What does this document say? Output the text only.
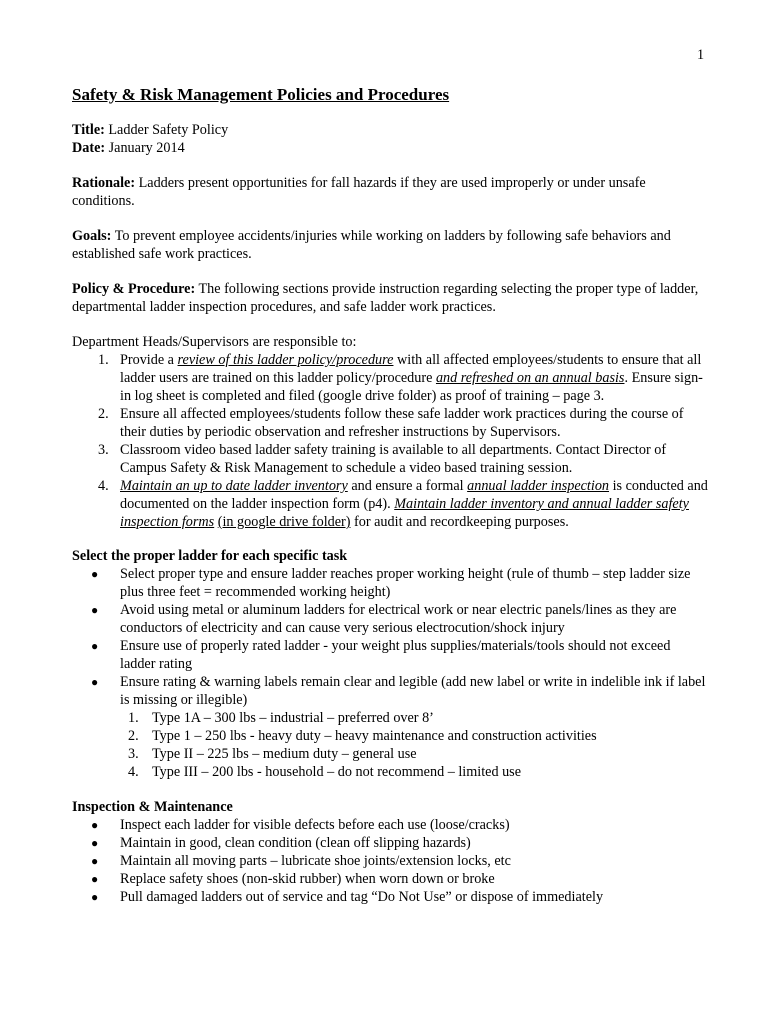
1
Safety & Risk Management Policies and Procedures

Title: Ladder Safety Policy

Date: January 2014

Rationale: Ladders present opportunities for fall hazards if they are used improperly or under unsafe conditions.

Goals: To prevent employee accidents/injuries while working on ladders by following safe behaviors and established safe work practices.

Policy & Procedure: The following sections provide instruction regarding selecting the proper type of ladder, departmental ladder inspection procedures, and safe ladder work practices.

Department Heads/Supervisors are responsible to:

1. Provide a review of this ladder policy/procedure with all affected employees/students to ensure that all ladder users are trained on this ladder policy/procedure and refreshed on an annual basis. Ensure sign-in log sheet is completed and filed (google drive folder) as proof of training – page 3.
2. Ensure all affected employees/students follow these safe ladder work practices during the course of their duties by periodic observation and refresher instructions by Supervisors.
3. Classroom video based ladder safety training is available to all departments. Contact Director of Campus Safety & Risk Management to schedule a video based training session.
4. Maintain an up to date ladder inventory and ensure a formal annual ladder inspection is conducted and documented on the ladder inspection form (p4). Maintain ladder inventory and annual ladder safety inspection forms (in google drive folder) for audit and recordkeeping purposes.

Select the proper ladder for each specific task

● Select proper type and ensure ladder reaches proper working height (rule of thumb – step ladder size plus three feet = recommended working height)
● Avoid using metal or aluminum ladders for electrical work or near electric panels/lines as they are conductors of electricity and can cause very serious electrocution/shock injury
● Ensure use of properly rated ladder - your weight plus supplies/materials/tools should not exceed ladder rating
● Ensure rating & warning labels remain clear and legible (add new label or write in indelible ink if label is missing or illegible)
1. Type 1A – 300 lbs – industrial – preferred over 8’
2. Type 1 – 250 lbs - heavy duty – heavy maintenance and construction activities
3. Type II – 225 lbs – medium duty – general use
4. Type III – 200 lbs - household – do not recommend – limited use

Inspection & Maintenance

● Inspect each ladder for visible defects before each use (loose/cracks)
● Maintain in good, clean condition (clean off slipping hazards)
● Maintain all moving parts – lubricate shoe joints/extension locks, etc
● Replace safety shoes (non-skid rubber) when worn down or broke
● Pull damaged ladders out of service and tag “Do Not Use” or dispose of immediately
